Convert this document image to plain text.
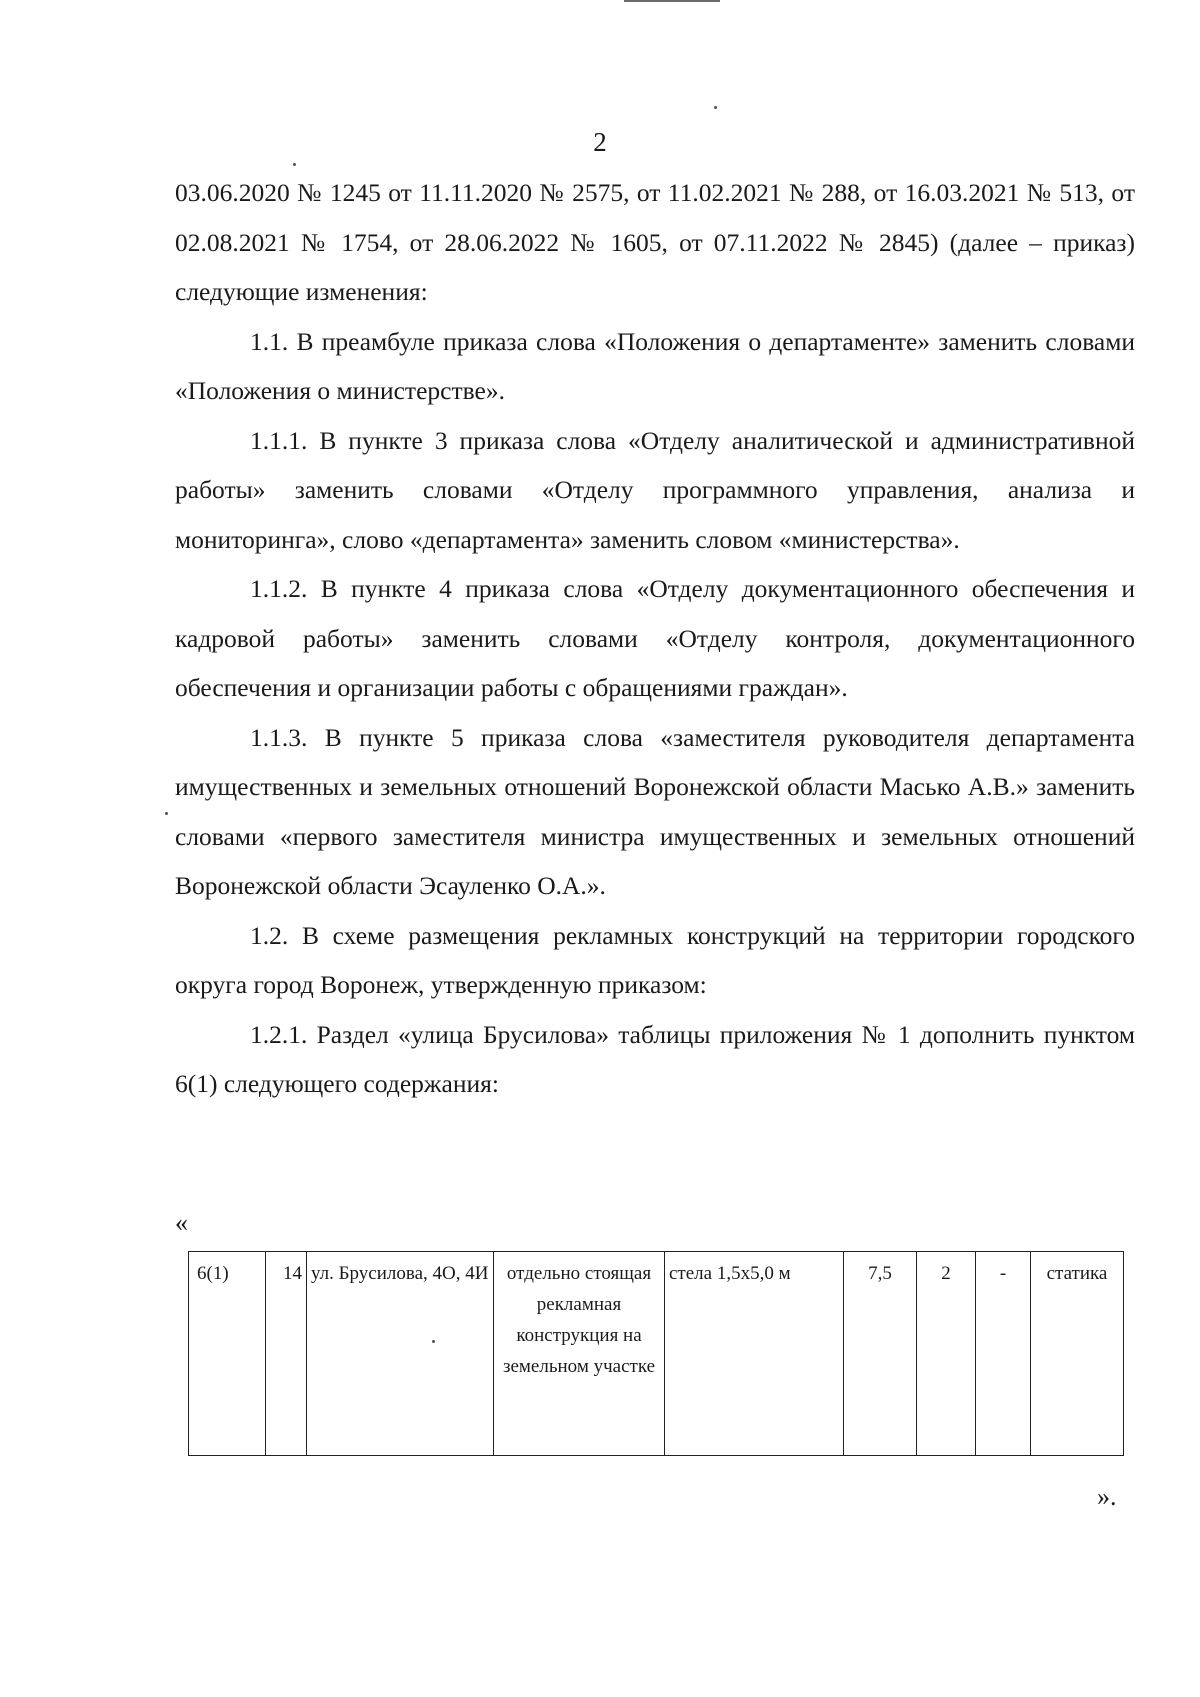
2

03.06.2020 № 1245 от 11.11.2020 № 2575, от 11.02.2021 № 288, от 16.03.2021 № 513, от 02.08.2021 № 1754, от 28.06.2022 № 1605, от 07.11.2022 № 2845) (далее – приказ) следующие изменения:

1.1. В преамбуле приказа слова «Положения о департаменте» заменить словами «Положения о министерстве».

1.1.1. В пункте 3 приказа слова «Отделу аналитической и административной работы» заменить словами «Отделу программного управления, анализа и мониторинга», слово «департамента» заменить словом «министерства».

1.1.2. В пункте 4 приказа слова «Отделу документационного обеспечения и кадровой работы» заменить словами «Отделу контроля, документационного обеспечения и организации работы с обращениями граждан».

1.1.3. В пункте 5 приказа слова «заместителя руководителя департамента имущественных и земельных отношений Воронежской области Масько А.В.» заменить словами «первого заместителя министра имущественных и земельных отношений Воронежской области Эсауленко О.А.».

1.2. В схеме размещения рекламных конструкций на территории городского округа город Воронеж, утвержденную приказом:

1.2.1. Раздел «улица Брусилова» таблицы приложения № 1 дополнить пунктом 6(1) следующего содержания:

«
6(1)	14	ул. Брусилова, 4О, 4И	отдельно стоящая рекламная конструкция на земельном участке	стела 1,5х5,0 м	7,5	2	-	статика
».
